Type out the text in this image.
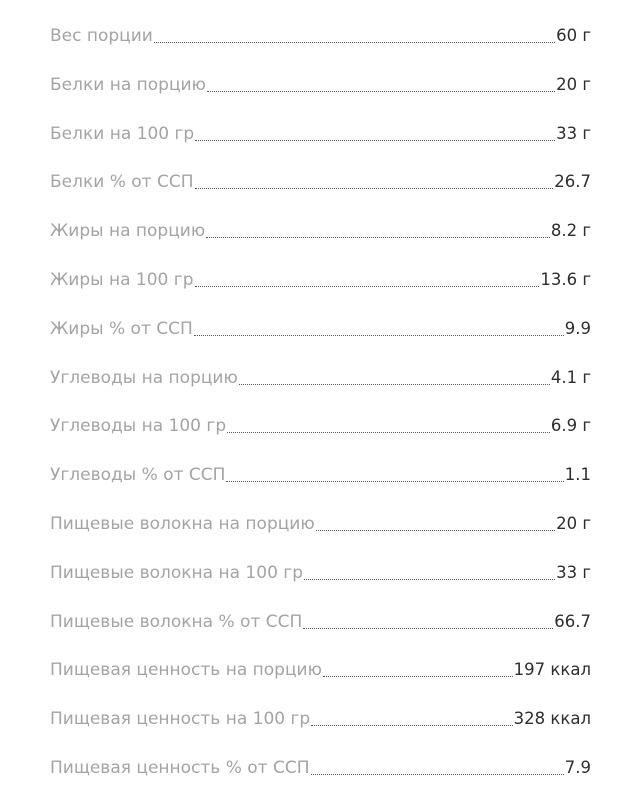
Вес порции	60 г
Белки на порцию	20 г
Белки на 100 гр	33 г
Белки % от ССП	26.7
Жиры на порцию	8.2 г
Жиры на 100 гр	13.6 г
Жиры % от ССП	9.9
Углеводы на порцию	4.1 г
Углеводы на 100 гр	6.9 г
Углеводы % от ССП	1.1
Пищевые волокна на порцию	20 г
Пищевые волокна на 100 гр	33 г
Пищевые волокна % от ССП	66.7
Пищевая ценность на порцию	197 ккал
Пищевая ценность на 100 гр	328 ккал
Пищевая ценность % от ССП	7.9
